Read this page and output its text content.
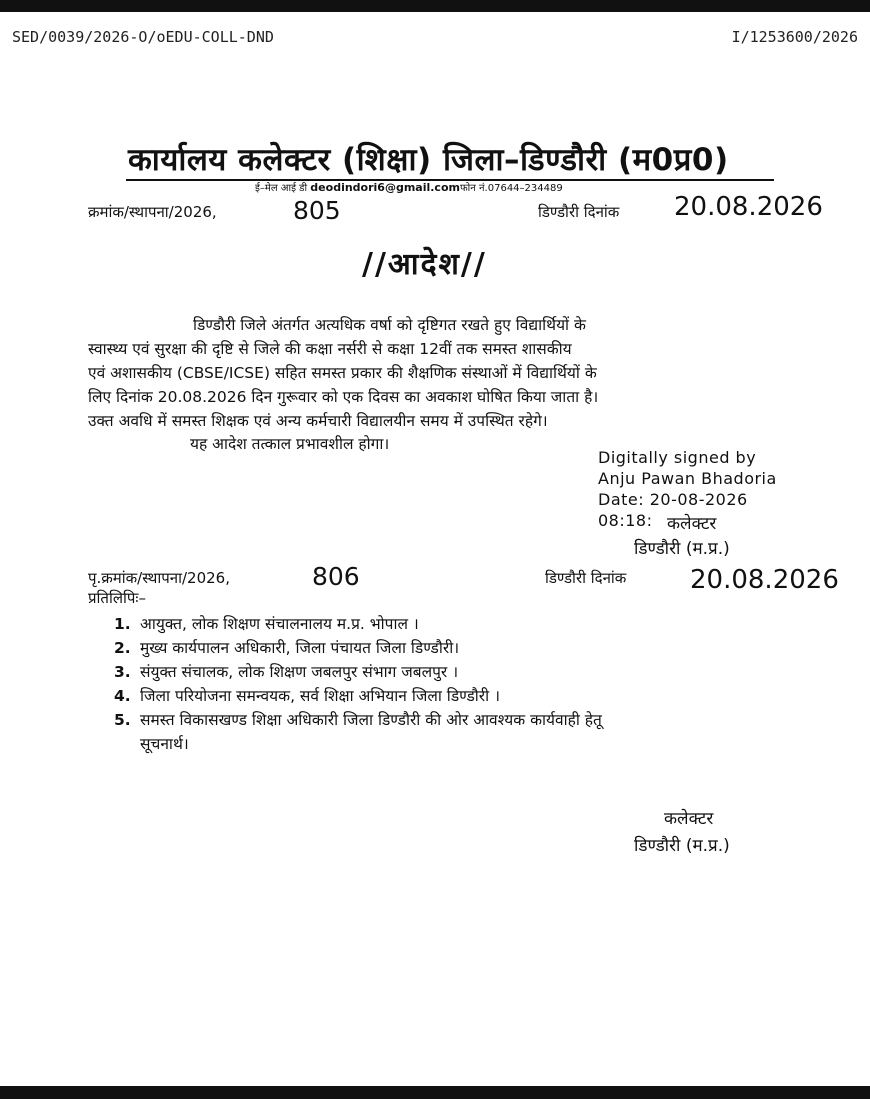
SED/0039/2026-O/oEDU-COLL-DND	I/1253600/2026
कार्यालय कलेक्टर (शिक्षा) जिला–डिण्डौरी (म0प्र0)
ई–मेल आई डी deodindori6@gmail.comफोन नं.07644–234489
क्रमांक/स्थापना/2026,	805	डिण्डौरी दिनांक 20.08.2026
//आदेश//
डिण्डौरी जिले अंतर्गत अत्यधिक वर्षा को दृष्टिगत रखते हुए विद्यार्थियों के
स्वास्थ्य एवं सुरक्षा की दृष्टि से जिले की कक्षा नर्सरी से कक्षा 12वीं तक समस्त शासकीय
एवं अशासकीय (CBSE/ICSE) सहित समस्त प्रकार की शैक्षणिक संस्थाओं में विद्यार्थियों के
लिए दिनांक 20.08.2026 दिन गुरूवार को एक दिवस का अवकाश घोषित किया जाता है।
उक्त अवधि में समस्त शिक्षक एवं अन्य कर्मचारी विद्यालयीन समय में उपस्थित रहेगे।
यह आदेश तत्काल प्रभावशील होगा।
Digitally signed by
Anju Pawan Bhadoria
Date: 20-08-2026
08:18: कलेक्टर
डिण्डौरी (म.प्र.)
पृ.क्रमांक/स्थापना/2026,	806	डिण्डौरी दिनांक 20.08.2026
प्रतिलिपिः–
1. आयुक्त, लोक शिक्षण संचालनालय म.प्र. भोपाल ।
2. मुख्य कार्यपालन अधिकारी, जिला पंचायत जिला डिण्डौरी।
3. संयुक्त संचालक, लोक शिक्षण जबलपुर संभाग जबलपुर ।
4. जिला परियोजना समन्वयक, सर्व शिक्षा अभियान जिला डिण्डौरी ।
5. समस्त विकासखण्ड शिक्षा अधिकारी जिला डिण्डौरी की ओर आवश्यक कार्यवाही हेतू
सूचनार्थ।
कलेक्टर
डिण्डौरी (म.प्र.)
